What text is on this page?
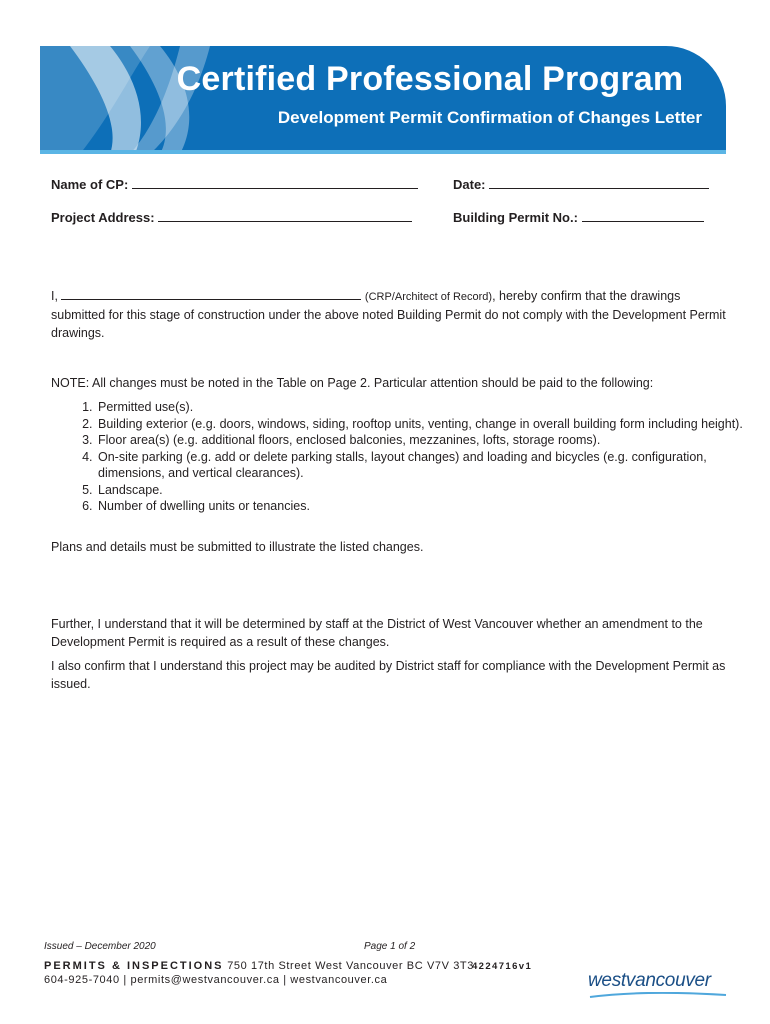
Certified Professional Program
Development Permit Confirmation of Changes Letter
Name of CP:	Date:
Project Address:	Building Permit No.:

I,	(CRP/Architect of Record), hereby confirm that the drawings submitted for this stage of construction under the above noted Building Permit do not comply with the Development Permit drawings.

NOTE: All changes must be noted in the Table on Page 2. Particular attention should be paid to the following:

1. Permitted use(s).
2. Building exterior (e.g. doors, windows, siding, rooftop units, venting, change in overall building form including height).
3. Floor area(s) (e.g. additional floors, enclosed balconies, mezzanines, lofts, storage rooms).
4. On-site parking (e.g. add or delete parking stalls, layout changes) and loading and bicycles (e.g. configuration, dimensions, and vertical clearances).
5. Landscape.
6. Number of dwelling units or tenancies.

Plans and details must be submitted to illustrate the listed changes.

Further, I understand that it will be determined by staff at the District of West Vancouver whether an amendment to the Development Permit is required as a result of these changes.

I also confirm that I understand this project may be audited by District staff for compliance with the Development Permit as issued.

Issued – December 2020	Page 1 of 2
PERMITS & INSPECTIONS 750 17th Street West Vancouver BC V7V 3T3
604-925-7040 | permits@westvancouver.ca | westvancouver.ca
4224716v1
westvancouver
